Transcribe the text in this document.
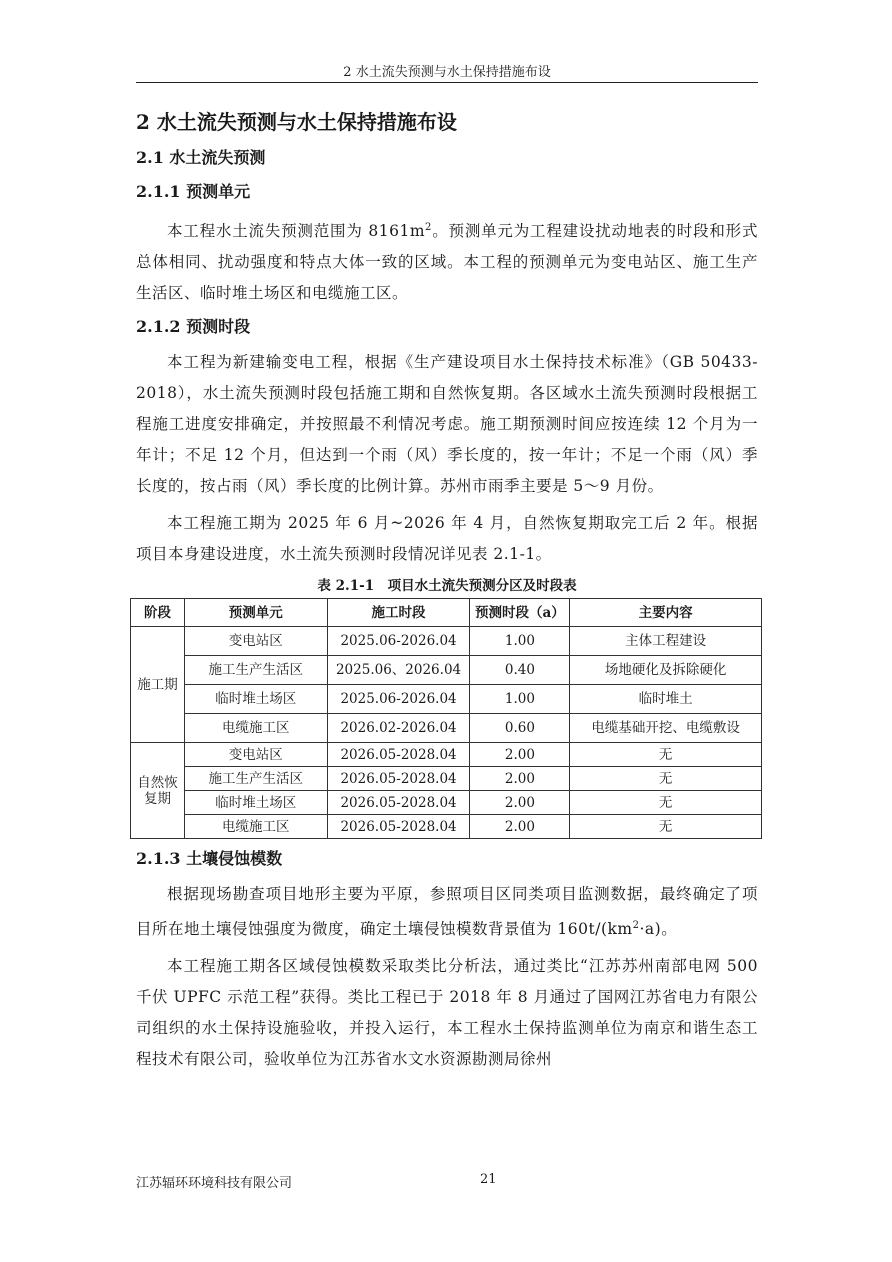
2 水土流失预测与水土保持措施布设
2 水土流失预测与水土保持措施布设
2.1 水土流失预测
2.1.1 预测单元

本工程水土流失预测范围为 $8161m^2$。预测单元为工程建设扰动地表的时段和形式总体相同、扰动强度和特点大体一致的区域。本工程的预测单元为变电站区、施工生产生活区、临时堆土场区和电缆施工区。

2.1.2 预测时段

本工程为新建输变电工程，根据《生产建设项目水土保持技术标准》（GB 50433-2018），水土流失预测时段包括施工期和自然恢复期。各区域水土流失预测时段根据工程施工进度安排确定，并按照最不利情况考虑。施工期预测时间应按连续 12 个月为一年计；不足 12 个月，但达到一个雨（风）季长度的，按一年计；不足一个雨（风）季长度的，按占雨（风）季长度的比例计算。苏州市雨季主要是 5～9 月份。

本工程施工期为 2025 年 6 月~2026 年 4 月，自然恢复期取完工后 2 年。根据项目本身建设进度，水土流失预测时段情况详见表 2.1-1。

表 2.1-1　项目水土流失预测分区及时段表
阶段	预测单元	施工时段	预测时段（a）	主要内容
施工期	变电站区	2025.06-2026.04	1.00	主体工程建设
	施工生产生活区	2025.06、2026.04	0.40	场地硬化及拆除硬化
	临时堆土场区	2025.06-2026.04	1.00	临时堆土
	电缆施工区	2026.02-2026.04	0.60	电缆基础开挖、电缆敷设
自然恢
复期	变电站区	2026.05-2028.04	2.00	无
	施工生产生活区	2026.05-2028.04	2.00	无
	临时堆土场区	2026.05-2028.04	2.00	无
	电缆施工区	2026.05-2028.04	2.00	无
2.1.3 土壤侵蚀模数

根据现场勘查项目地形主要为平原，参照项目区同类项目监测数据，最终确定了项目所在地土壤侵蚀强度为微度，确定土壤侵蚀模数背景值为 $160t/(km^2\cdot a)$。

本工程施工期各区域侵蚀模数采取类比分析法，通过类比“江苏苏州南部电网 500 千伏 UPFC 示范工程”获得。类比工程已于 2018 年 8 月通过了国网江苏省电力有限公司组织的水土保持设施验收，并投入运行，本工程水土保持监测单位为南京和谐生态工程技术有限公司，验收单位为江苏省水文水资源勘测局徐州

江苏辐环环境科技有限公司	21
